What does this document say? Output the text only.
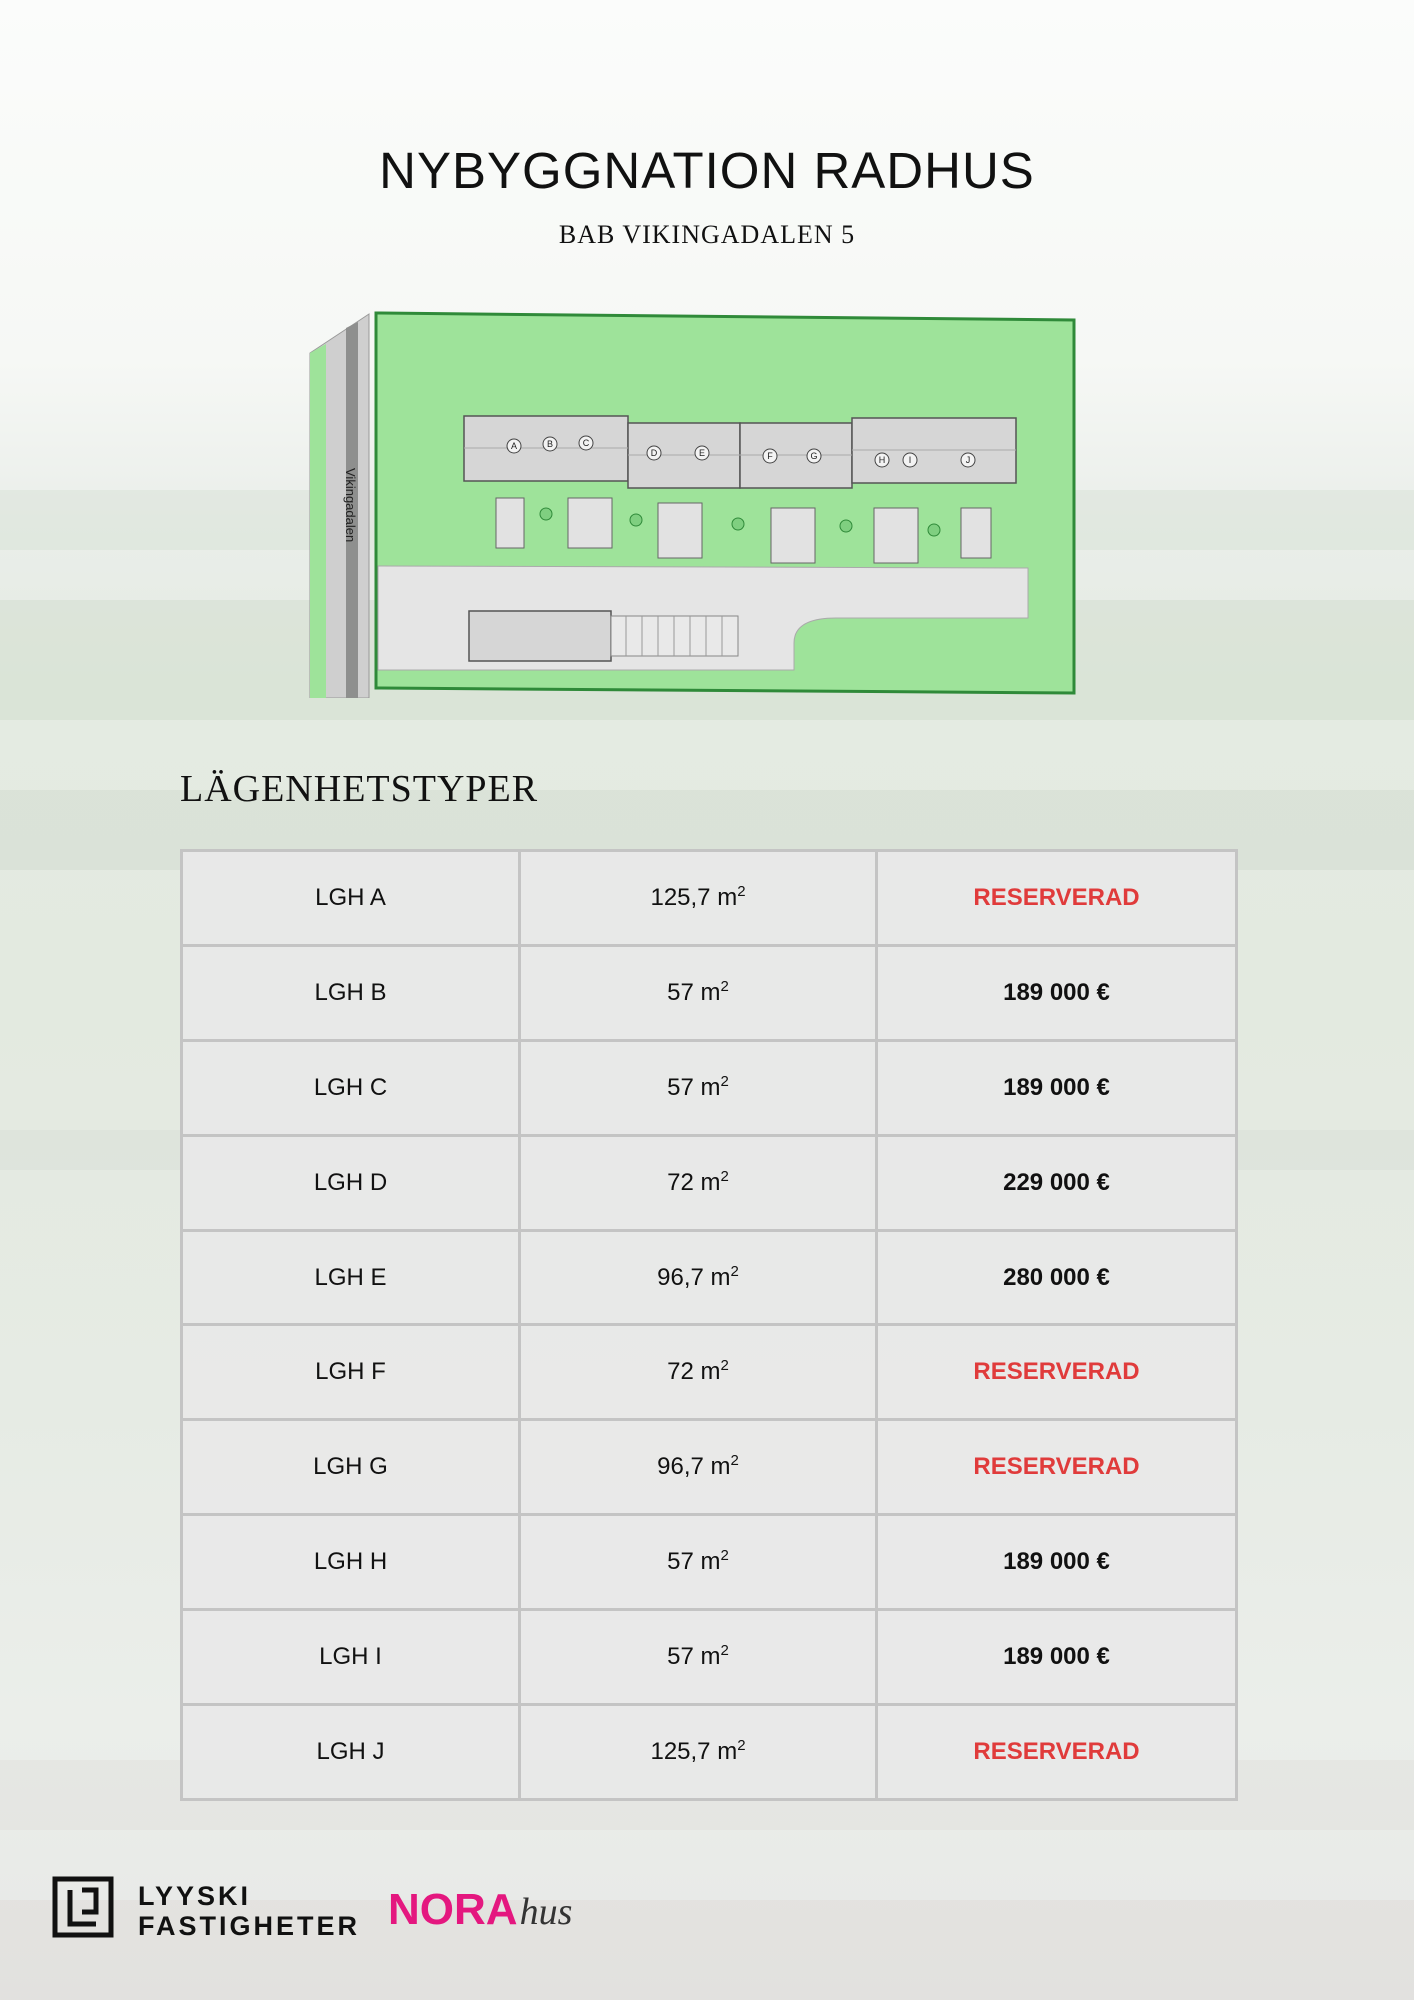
NYBYGGNATION RADHUS
BAB VIKINGADALEN 5
Vikingadalen
A	B	C
D	E	F	G	H	I	J
LÄGENHETSTYPER
LGH A	125,7 $m^2$	RESERVERAD
LGH B	57 $m^2$	189 000 €
LGH C	57 $m^2$	189 000 €
LGH D	72 $m^2$	229 000 €
LGH E	96,7 $m^2$	280 000 €
LGH F	72 $m^2$	RESERVERAD
LGH G	96,7 $m^2$	RESERVERAD
LGH H	57 $m^2$	189 000 €
LGH I	57 $m^2$	189 000 €
LGH J	125,7 $m^2$	RESERVERAD
LYYSKI
FASTIGHETER NORAhus
